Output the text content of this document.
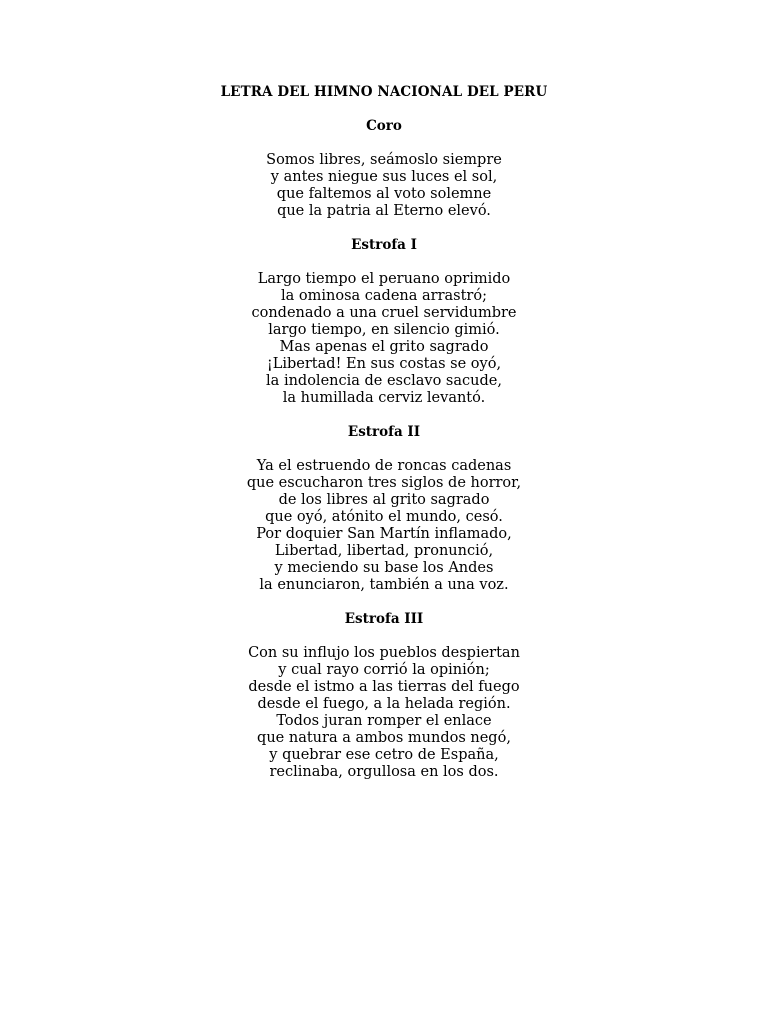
LETRA DEL HIMNO NACIONAL DEL PERU
Coro
Somos libres, seámoslo siempre
y antes niegue sus luces el sol,
que faltemos al voto solemne
que la patria al Eterno elevó.
Estrofa I
Largo tiempo el peruano oprimido
la ominosa cadena arrastró;
condenado a una cruel servidumbre
largo tiempo, en silencio gimió.
Mas apenas el grito sagrado
¡Libertad! En sus costas se oyó,
la indolencia de esclavo sacude,
la humillada cerviz levantó.
Estrofa II
Ya el estruendo de roncas cadenas
que escucharon tres siglos de horror,
de los libres al grito sagrado
que oyó, atónito el mundo, cesó.
Por doquier San Martín inflamado,
Libertad, libertad, pronunció,
y meciendo su base los Andes
la enunciaron, también a una voz.
Estrofa III
Con su influjo los pueblos despiertan
y cual rayo corrió la opinión;
desde el istmo a las tierras del fuego
desde el fuego, a la helada región.
Todos juran romper el enlace
que natura a ambos mundos negó,
y quebrar ese cetro de España,
reclinaba, orgullosa en los dos.
